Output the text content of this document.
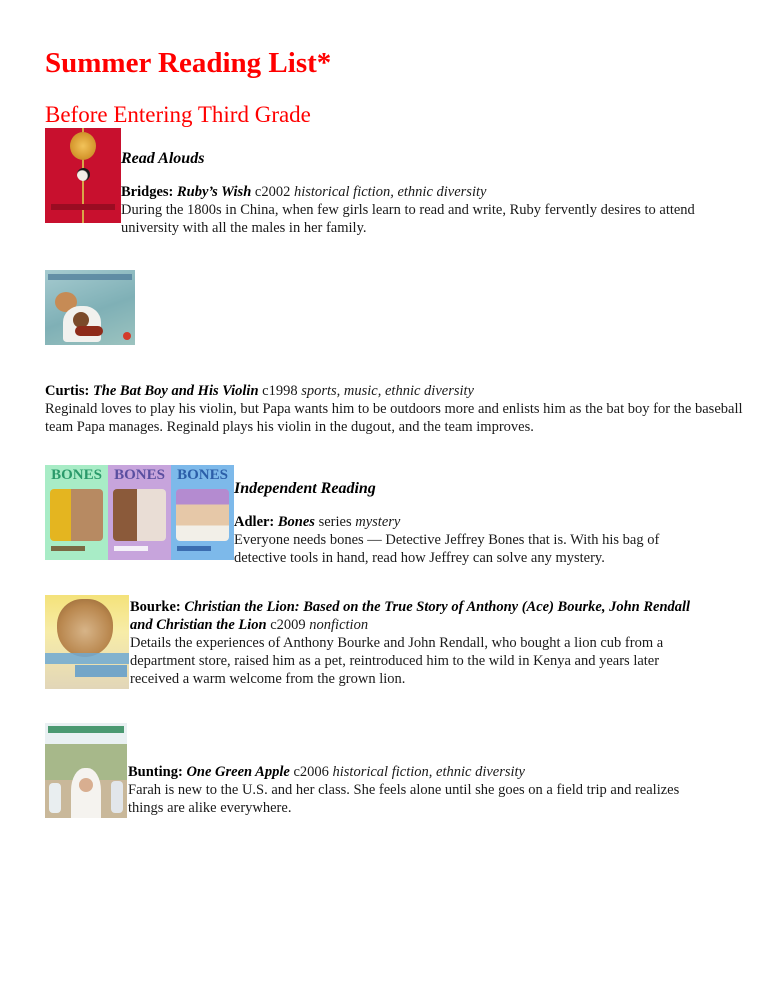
Summer Reading List*
Before Entering Third Grade
Read Alouds
Bridges: Ruby’s Wish c2002 historical fiction, ethnic diversity
During the 1800s in China, when few girls learn to read and write, Ruby fervently desires to attend university with all the males in her family.
Curtis: The Bat Boy and His Violin c1998 sports, music, ethnic diversity
Reginald loves to play his violin, but Papa wants him to be outdoors more and enlists him as the bat boy for the baseball team Papa manages. Reginald plays his violin in the dugout, and the team improves.
BONES BONES BONES
Independent Reading
Adler: Bones series mystery
Everyone needs bones — Detective Jeffrey Bones that is. With his bag of detective tools in hand, read how Jeffrey can solve any mystery.
Bourke: Christian the Lion: Based on the True Story of Anthony (Ace) Bourke, John Rendall
and Christian the Lion c2009 nonfiction
Details the experiences of Anthony Bourke and John Rendall, who bought a lion cub from a department store, raised him as a pet, reintroduced him to the wild in Kenya and years later received a warm welcome from the grown lion.
Bunting: One Green Apple c2006 historical fiction, ethnic diversity
Farah is new to the U.S. and her class. She feels alone until she goes on a field trip and realizes things are alike everywhere.
